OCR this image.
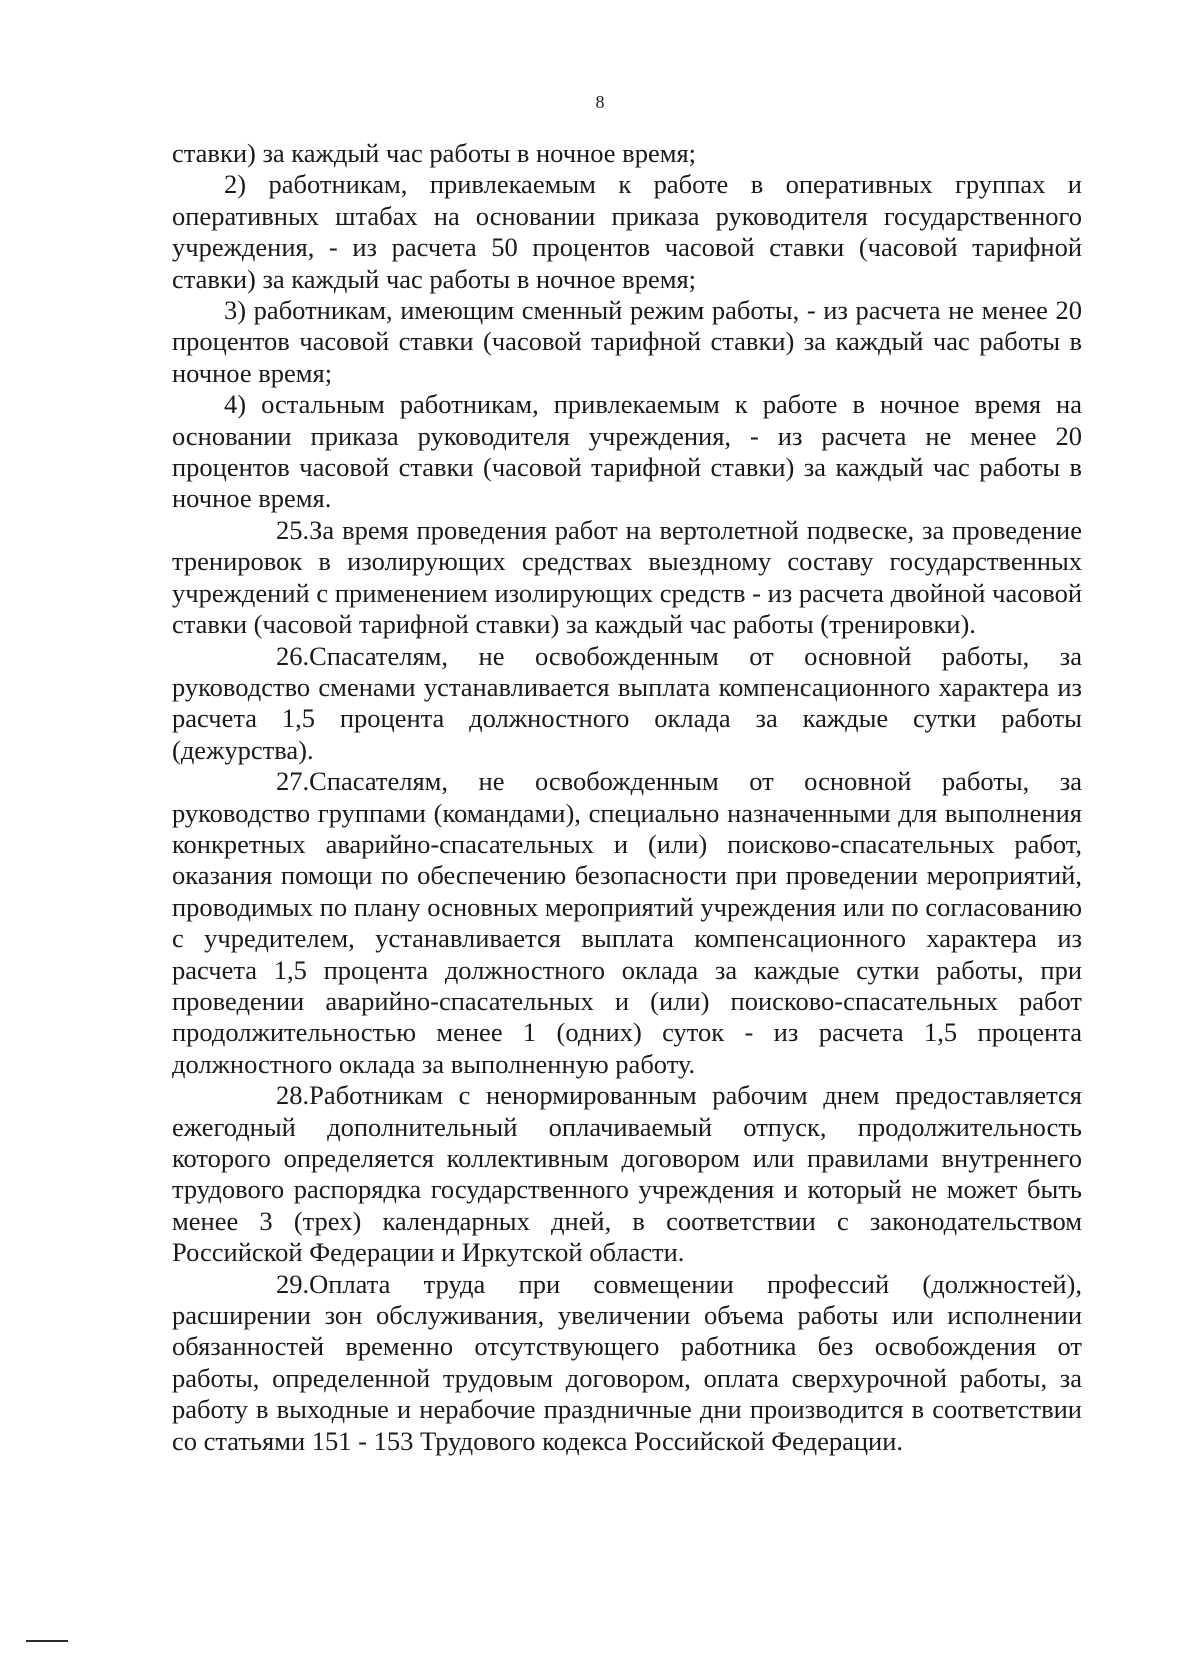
8

ставки) за каждый час работы в ночное время;

2) работникам, привлекаемым к работе в оперативных группах и оперативных штабах на основании приказа руководителя государственного учреждения, - из расчета 50 процентов часовой ставки (часовой тарифной ставки) за каждый час работы в ночное время;

3) работникам, имеющим сменный режим работы, - из расчета не менее 20 процентов часовой ставки (часовой тарифной ставки) за каждый час работы в ночное время;

4) остальным работникам, привлекаемым к работе в ночное время на основании приказа руководителя учреждения, - из расчета не менее 20 процентов часовой ставки (часовой тарифной ставки) за каждый час работы в ночное время.

25.За время проведения работ на вертолетной подвеске, за проведение тренировок в изолирующих средствах выездному составу государственных учреждений с применением изолирующих средств - из расчета двойной часовой ставки (часовой тарифной ставки) за каждый час работы (тренировки).

26.Спасателям, не освобожденным от основной работы, за руководство сменами устанавливается выплата компенсационного характера из расчета 1,5 процента должностного оклада за каждые сутки работы (дежурства).

27.Спасателям, не освобожденным от основной работы, за руководство группами (командами), специально назначенными для выполнения конкретных аварийно-спасательных и (или) поисково-спасательных работ, оказания помощи по обеспечению безопасности при проведении мероприятий, проводимых по плану основных мероприятий учреждения или по согласованию с учредителем, устанавливается выплата компенсационного характера из расчета 1,5 процента должностного оклада за каждые сутки работы, при проведении аварийно-спасательных и (или) поисково-спасательных работ продолжительностью менее 1 (одних) суток - из расчета 1,5 процента должностного оклада за выполненную работу.

28.Работникам с ненормированным рабочим днем предоставляется ежегодный дополнительный оплачиваемый отпуск, продолжительность которого определяется коллективным договором или правилами внутреннего трудового распорядка государственного учреждения и который не может быть менее 3 (трех) календарных дней, в соответствии с законодательством Российской Федерации и Иркутской области.

29.Оплата труда при совмещении профессий (должностей), расширении зон обслуживания, увеличении объема работы или исполнении обязанностей временно отсутствующего работника без освобождения от работы, определенной трудовым договором, оплата сверхурочной работы, за работу в выходные и нерабочие праздничные дни производится в соответствии со статьями 151 - 153 Трудового кодекса Российской Федерации.
